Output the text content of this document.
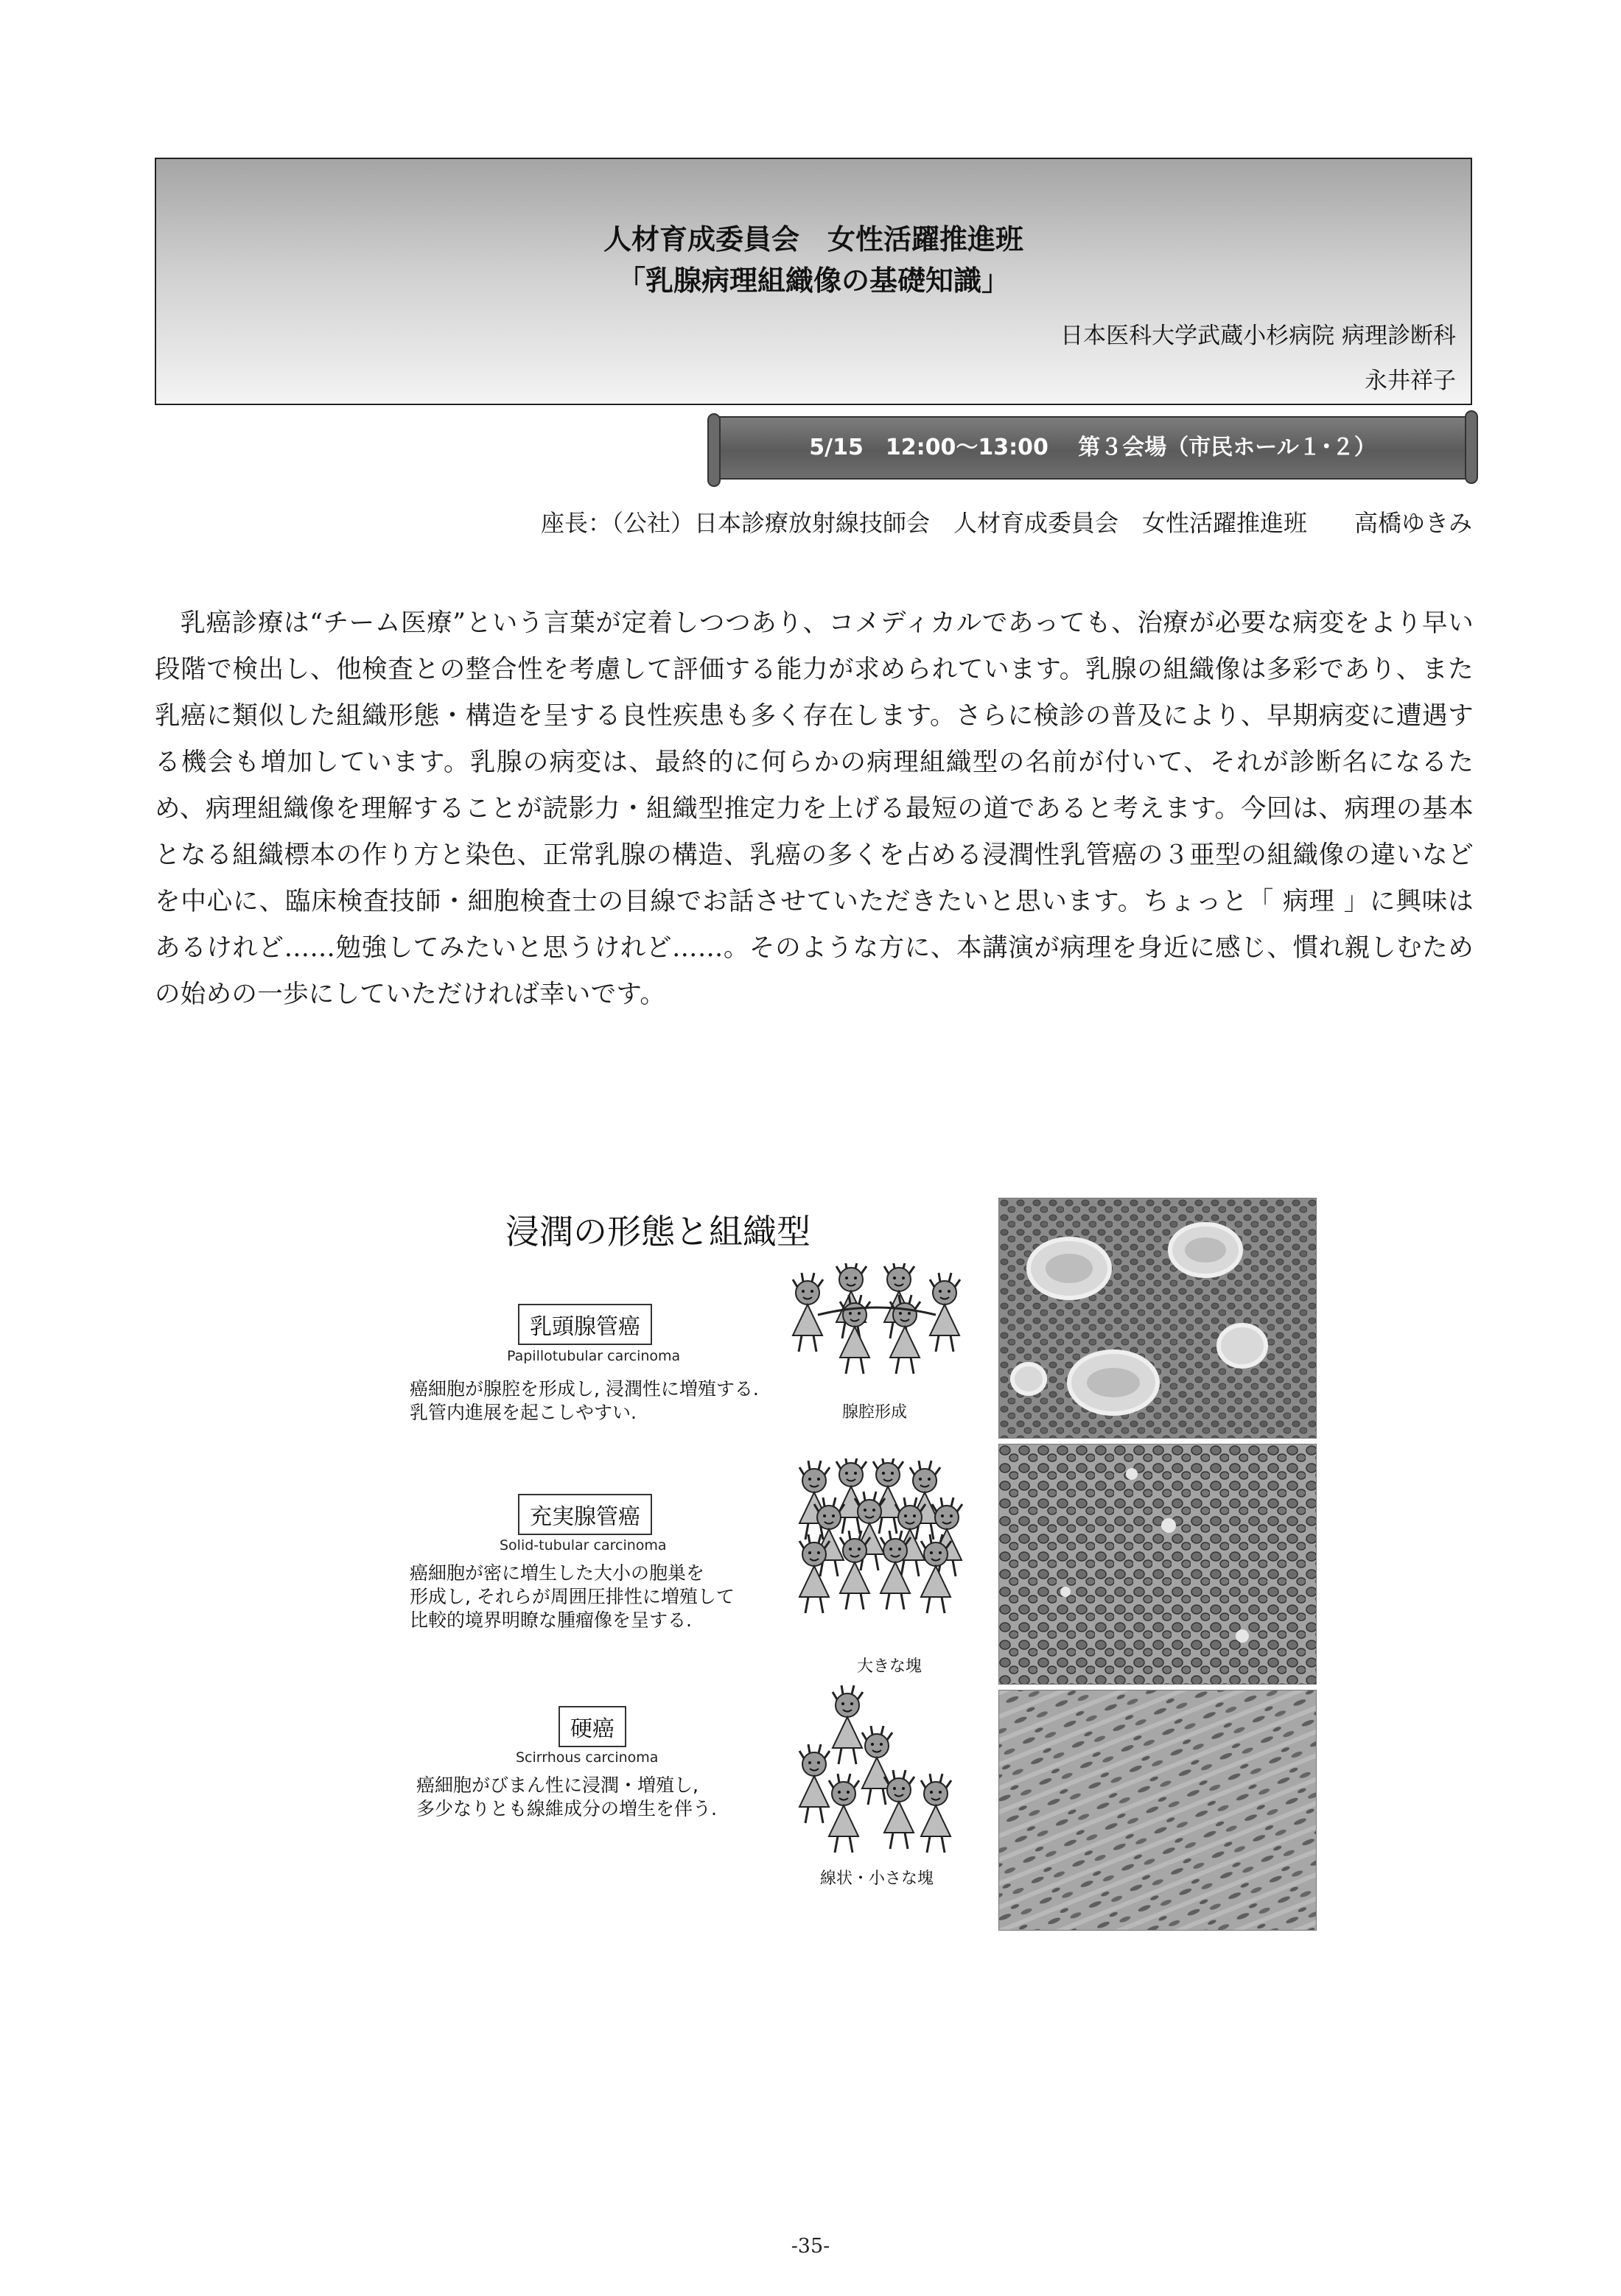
人材育成委員会　女性活躍推進班
「乳腺病理組織像の基礎知識」
日本医科大学武蔵小杉病院 病理診断科
永井祥子
5/15　12:00〜13:00　 第３会場（市民ホール１･２）
座長：（公社）日本診療放射線技師会　人材育成委員会　女性活躍推進班　　高橋ゆきみ
乳癌診療は“チーム医療”という言葉が定着しつつあり、コメディカルであっても、治療が必要な病変をより早い段階で検出し、他検査との整合性を考慮して評価する能力が求められています。乳腺の組織像は多彩であり、また乳癌に類似した組織形態・構造を呈する良性疾患も多く存在します。さらに検診の普及により、早期病変に遭遇する機会も増加しています。乳腺の病変は、最終的に何らかの病理組織型の名前が付いて、それが診断名になるため、病理組織像を理解することが読影力・組織型推定力を上げる最短の道であると考えます。今回は、病理の基本となる組織標本の作り方と染色、正常乳腺の構造、乳癌の多くを占める浸潤性乳管癌の３亜型の組織像の違いなどを中心に、臨床検査技師・細胞検査士の目線でお話させていただきたいと思います。ちょっと「 病理 」に興味はあるけれど……勉強してみたいと思うけれど……。そのような方に、本講演が病理を身近に感じ、慣れ親しむための始めの一歩にしていただければ幸いです。
浸潤の形態と組織型
乳頭腺管癌
Papillotubular carcinoma
癌細胞が腺腔を形成し, 浸潤性に増殖する.
乳管内進展を起こしやすい.	腺腔形成
充実腺管癌
Solid-tubular carcinoma
癌細胞が密に増生した大小の胞巣を
形成し, それらが周囲圧排性に増殖して
比較的境界明瞭な腫瘤像を呈する.
大きな塊
硬癌
Scirrhous carcinoma
癌細胞がびまん性に浸潤・増殖し,
多少なりとも線維成分の増生を伴う.
線状・小さな塊
-35-
